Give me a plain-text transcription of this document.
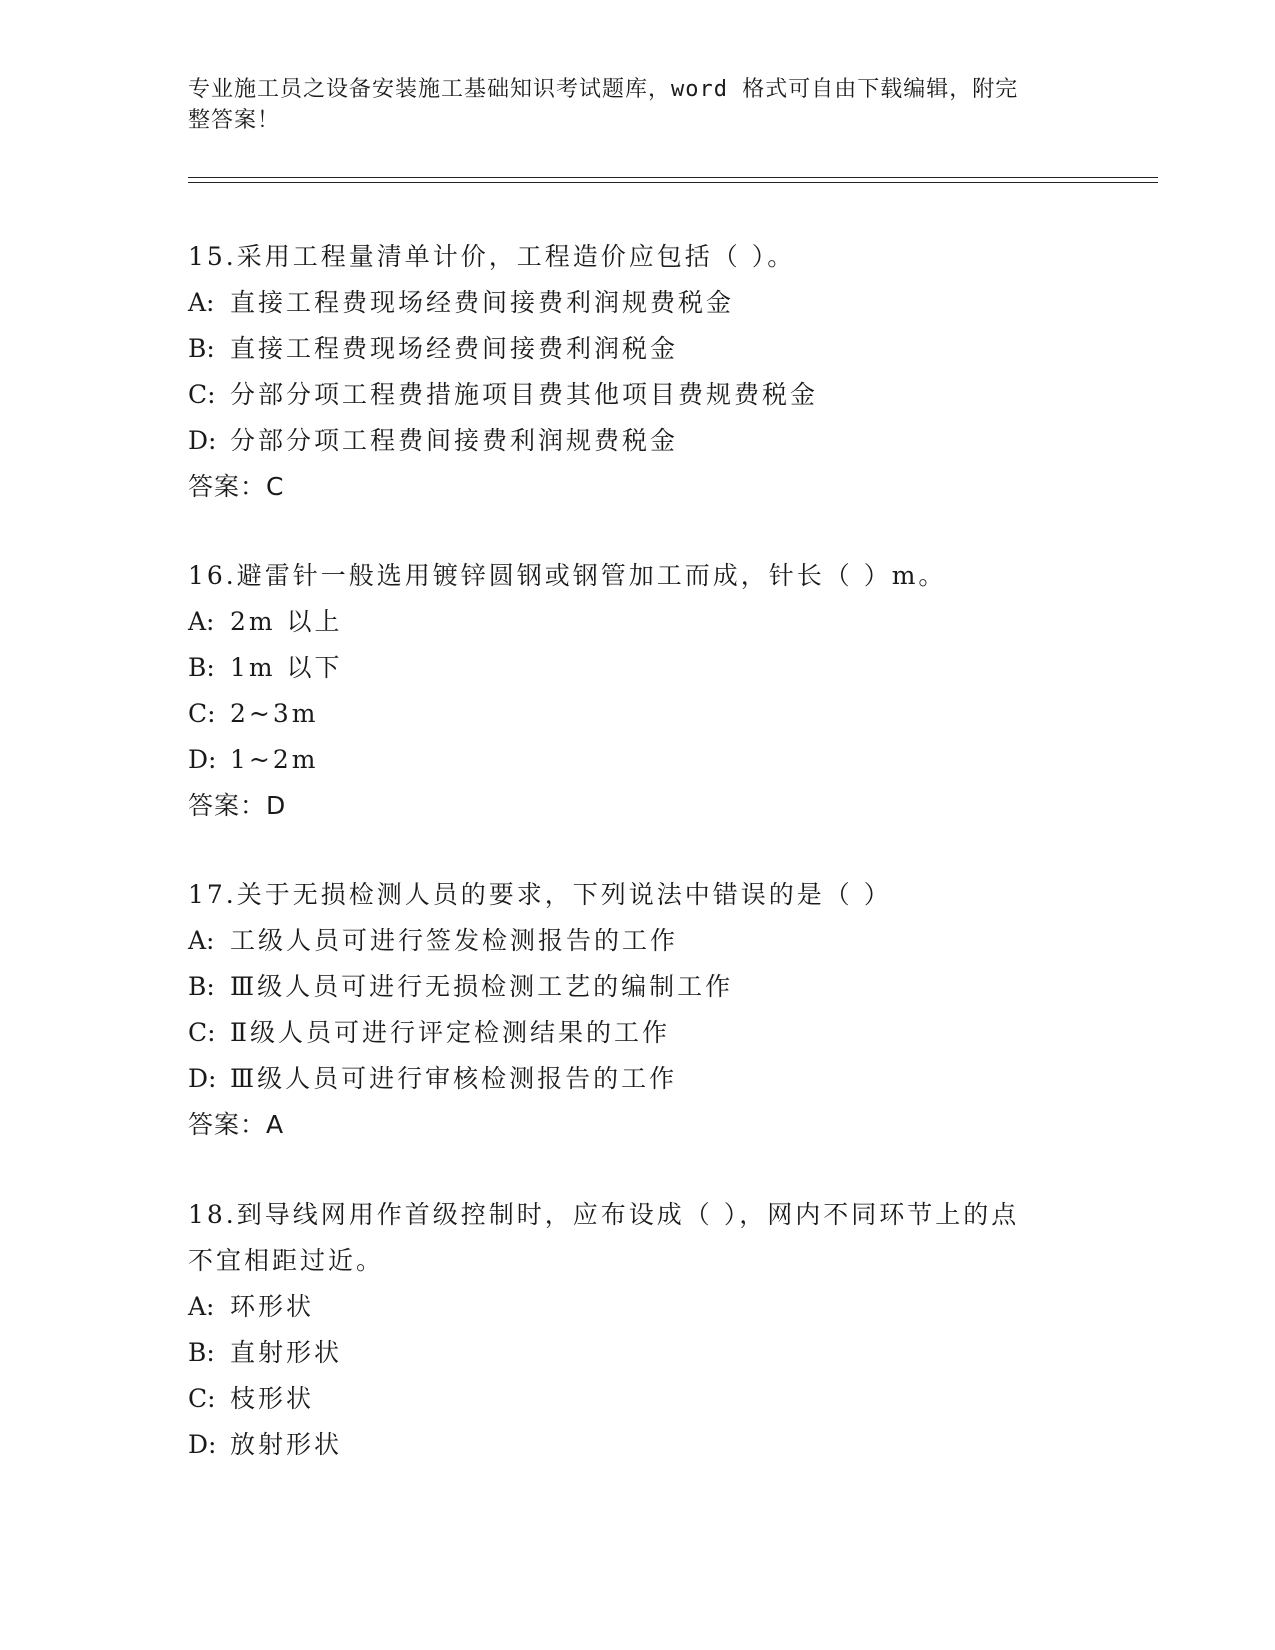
专业施工员之设备安装施工基础知识考试题库，word 格式可自由下载编辑，附完
整答案！
15.采用工程量清单计价，工程造价应包括（ ）。
A: 直接工程费现场经费间接费利润规费税金
B: 直接工程费现场经费间接费利润税金
C: 分部分项工程费措施项目费其他项目费规费税金
D: 分部分项工程费间接费利润规费税金
答案：C
16.避雷针一般选用镀锌圆钢或钢管加工而成，针长（ ）m。
A: 2m 以上
B: 1m 以下
C: 2~3m
D: 1~2m
答案：D
17.关于无损检测人员的要求，下列说法中错误的是（ ）
A: 工级人员可进行签发检测报告的工作
B: Ⅲ级人员可进行无损检测工艺的编制工作
C: Ⅱ级人员可进行评定检测结果的工作
D: Ⅲ级人员可进行审核检测报告的工作
答案：A
18.到导线网用作首级控制时，应布设成（ ），网内不同环节上的点
不宜相距过近。
A: 环形状
B: 直射形状
C: 枝形状
D: 放射形状
